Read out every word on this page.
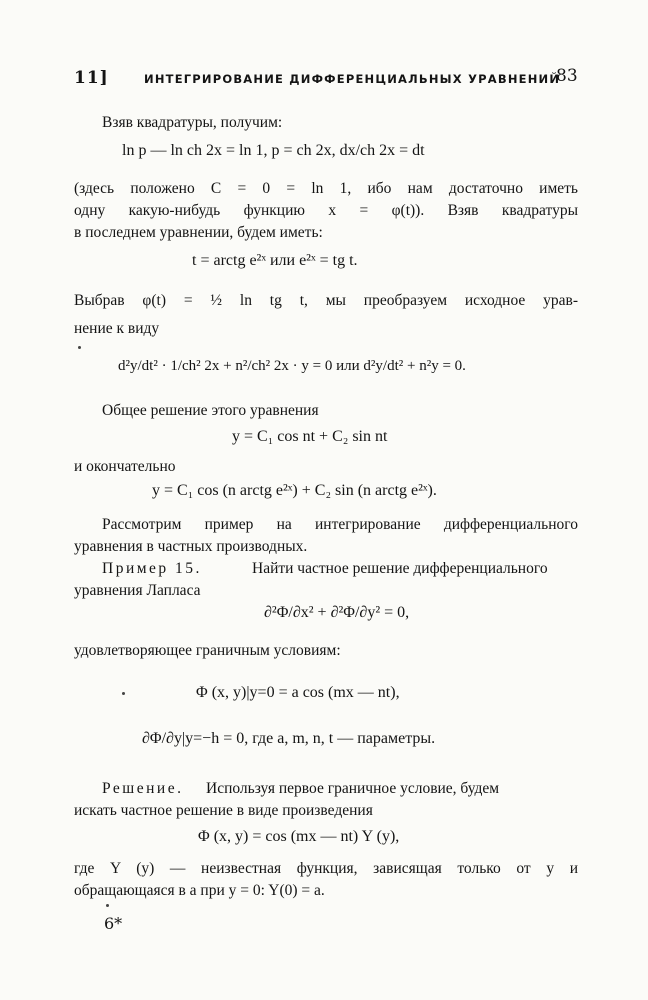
11]	ИНТЕГРИРОВАНИЕ ДИФФЕРЕНЦИАЛЬНЫХ УРАВНЕНИЙ
83
Взяв квадратуры, получим:
ln p — ln ch 2x = ln 1, p = ch 2x, dx/ch 2x = dt
(здесь положено C = 0 = ln 1, ибо нам достаточно иметь
одну какую-нибудь функцию x = φ(t)). Взяв квадратуры
в последнем уравнении, будем иметь:
t = arctg e²ˣ или e²ˣ = tg t.
Выбрав φ(t) = ½ ln tg t, мы преобразуем исходное урав-
нение к виду
d²y/dt² · 1/ch² 2x + n²/ch² 2x · y = 0 или d²y/dt² + n²y = 0.
Общее решение этого уравнения
y = C₁ cos nt + C₂ sin nt
и окончательно
y = C₁ cos (n arctg e²ˣ) + C₂ sin (n arctg e²ˣ).
Рассмотрим пример на интегрирование дифференциального
уравнения в частных производных.
Пример 15.	Найти частное решение дифференциального
уравнения Лапласа
∂²Φ/∂x² + ∂²Φ/∂y² = 0,
удовлетворяющее граничным условиям:
Φ (x, y)|y=0 = a cos (mx — nt),
∂Φ/∂y|y=−h = 0, где a, m, n, t — параметры.
Решение. Используя первое граничное условие, будем
искать частное решение в виде произведения
Φ (x, y) = cos (mx — nt) Y (y),
где Y (y) — неизвестная функция, зависящая только от y и
обращающаяся в a при y = 0: Y(0) = a.
6*
